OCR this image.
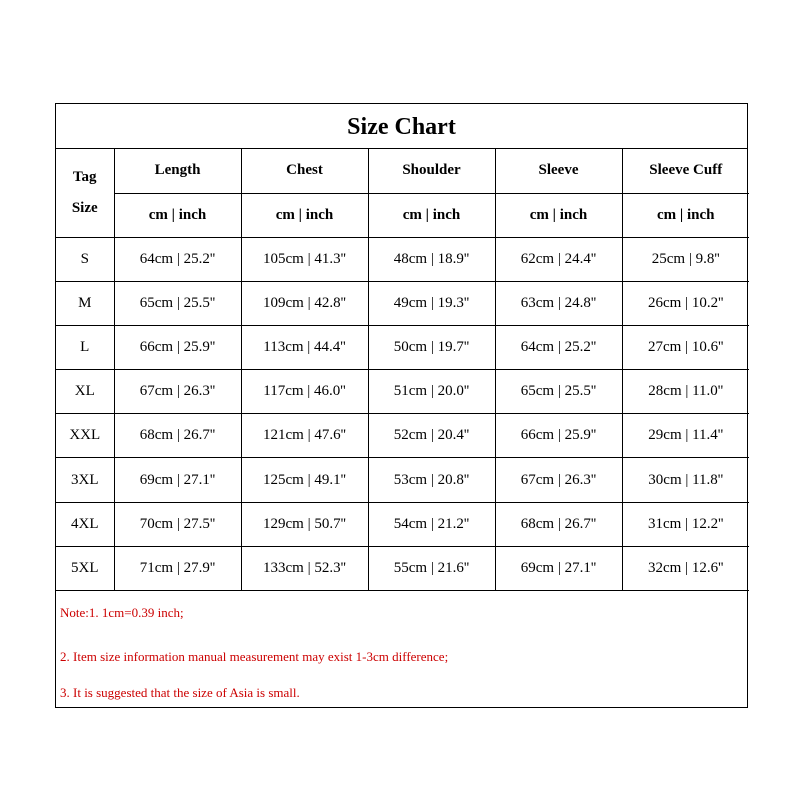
Size Chart
Tag
Size	Length	Chest	Shoulder	Sleeve	Sleeve Cuff
	cm | inch	cm | inch	cm | inch	cm | inch	cm | inch
S	64cm | 25.2''	105cm | 41.3''	48cm | 18.9''	62cm | 24.4''	25cm | 9.8''
M	65cm | 25.5''	109cm | 42.8''	49cm | 19.3''	63cm | 24.8''	26cm | 10.2''
L	66cm | 25.9''	113cm | 44.4''	50cm | 19.7''	64cm | 25.2''	27cm | 10.6''
XL	67cm | 26.3''	117cm | 46.0''	51cm | 20.0''	65cm | 25.5''	28cm | 11.0''
XXL	68cm | 26.7''	121cm | 47.6''	52cm | 20.4''	66cm | 25.9''	29cm | 11.4''
3XL	69cm | 27.1''	125cm | 49.1''	53cm | 20.8''	67cm | 26.3''	30cm | 11.8''
4XL	70cm | 27.5''	129cm | 50.7''	54cm | 21.2''	68cm | 26.7''	31cm | 12.2''
5XL	71cm | 27.9''	133cm | 52.3''	55cm | 21.6''	69cm | 27.1''	32cm | 12.6''
Note:1. 1cm=0.39 inch;
2. Item size information manual measurement may exist 1-3cm difference;
3. It is suggested that the size of Asia is small.
